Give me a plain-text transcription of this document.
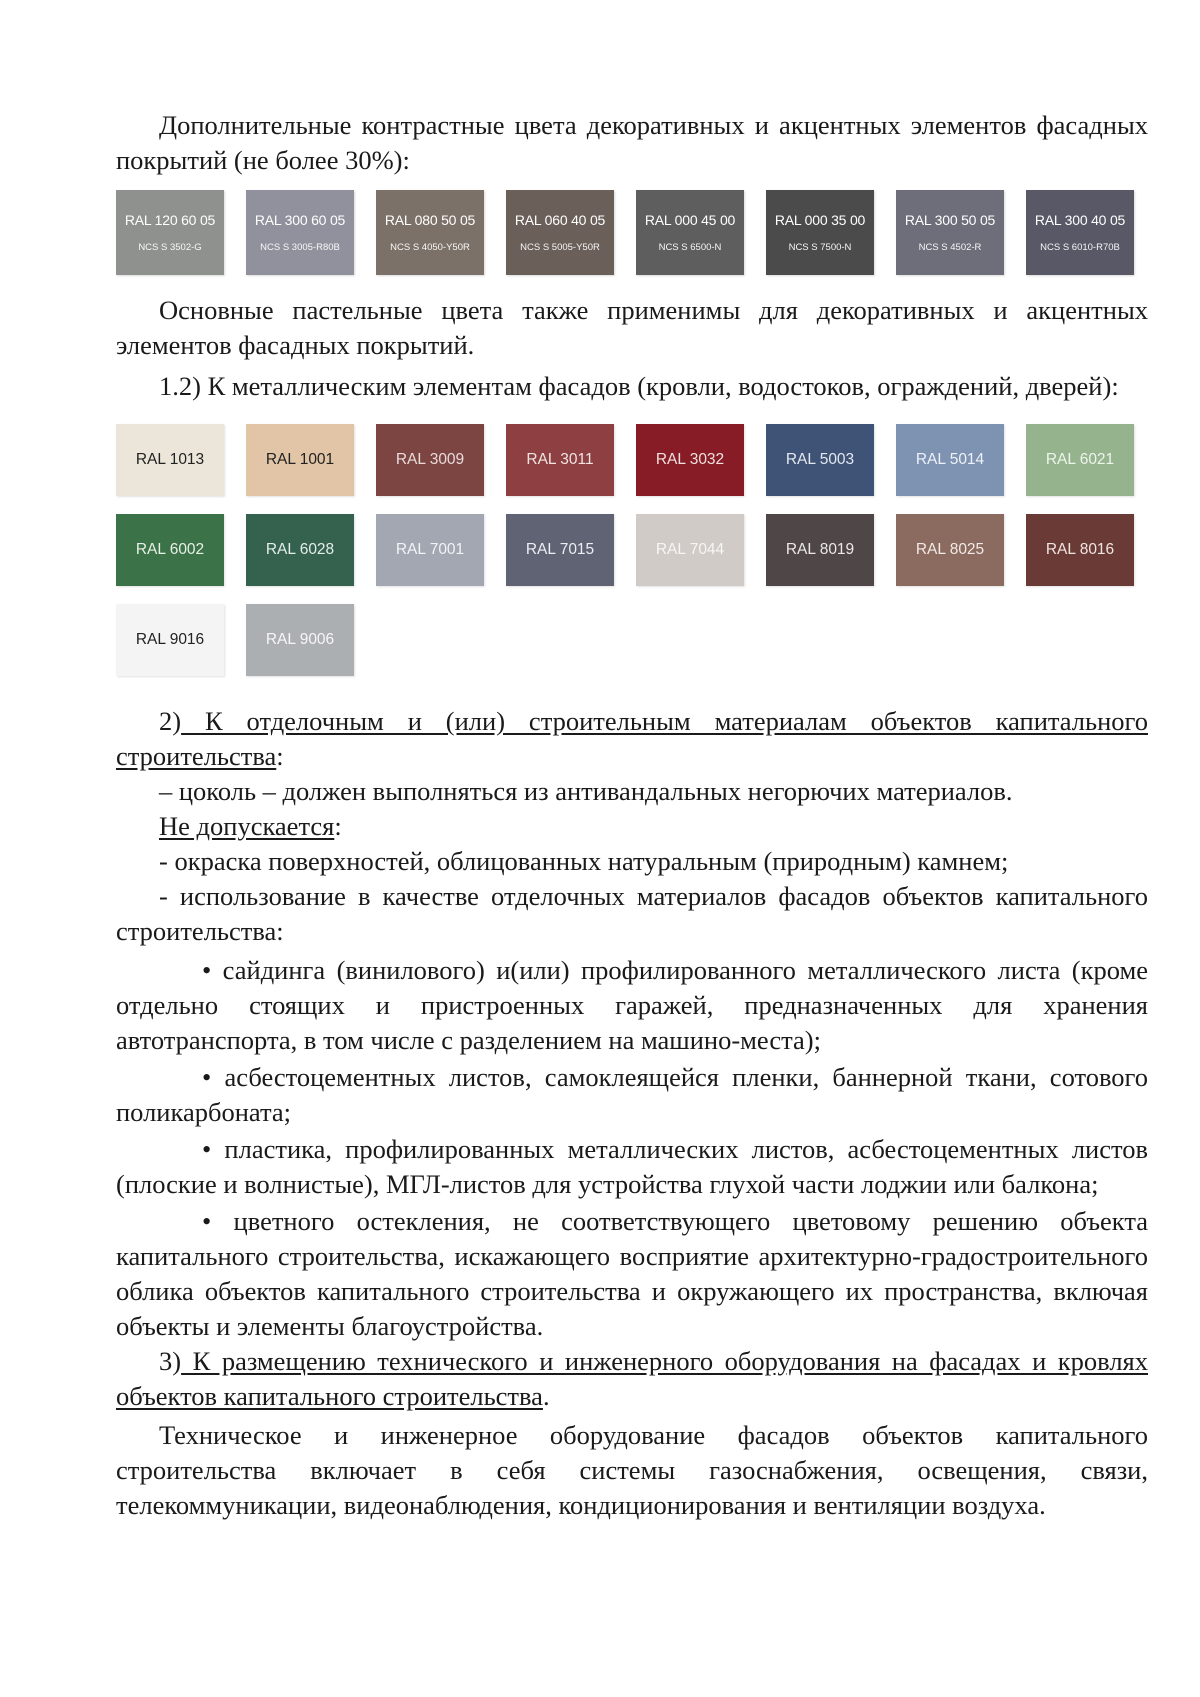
Дополнительные контрастные цвета декоративных и акцентных элементов фасадных покрытий (не более 30%):

RAL 120 60 05
NCS S 3502-G
RAL 300 60 05
NCS S 3005-R80B
RAL 080 50 05
NCS S 4050-Y50R
RAL 060 40 05
NCS S 5005-Y50R
RAL 000 45 00
NCS S 6500-N
RAL 000 35 00
NCS S 7500-N
RAL 300 50 05
NCS S 4502-R
RAL 300 40 05
NCS S 6010-R70B

Основные пастельные цвета также применимы для декоративных и акцентных элементов фасадных покрытий.

1.2) К металлическим элементам фасадов (кровли, водостоков, ограждений, дверей):

RAL 1013	RAL 1001	RAL 3009	RAL 3011	RAL 3032	RAL 5003	RAL 5014	RAL 6021
RAL 6002	RAL 6028	RAL 7001	RAL 7015	RAL 7044	RAL 8019	RAL 8025	RAL 8016
RAL 9016	RAL 9006

2) К отделочным и (или) строительным материалам объектов капитального строительства:

– цоколь – должен выполняться из антивандальных негорючих материалов.

Не допускается:

- окраска поверхностей, облицованных натуральным (природным) камнем;

- использование в качестве отделочных материалов фасадов объектов капитального строительства:

• сайдинга (винилового) и(или) профилированного металлического листа (кроме отдельно стоящих и пристроенных гаражей, предназначенных для хранения автотранспорта, в том числе с разделением на машино-места);

• асбестоцементных листов, самоклеящейся пленки, баннерной ткани, сотового поликарбоната;

• пластика, профилированных металлических листов, асбестоцементных листов (плоские и волнистые), МГЛ-листов для устройства глухой части лоджии или балкона;

• цветного остекления, не соответствующего цветовому решению объекта капитального строительства, искажающего восприятие архитектурно-градостроительного облика объектов капитального строительства и окружающего их пространства, включая объекты и элементы благоустройства.

3) К размещению технического и инженерного оборудования на фасадах и кровлях объектов капитального строительства.

Техническое и инженерное оборудование фасадов объектов капитального строительства включает в себя системы газоснабжения, освещения, связи, телекоммуникации, видеонаблюдения, кондиционирования и вентиляции воздуха.
